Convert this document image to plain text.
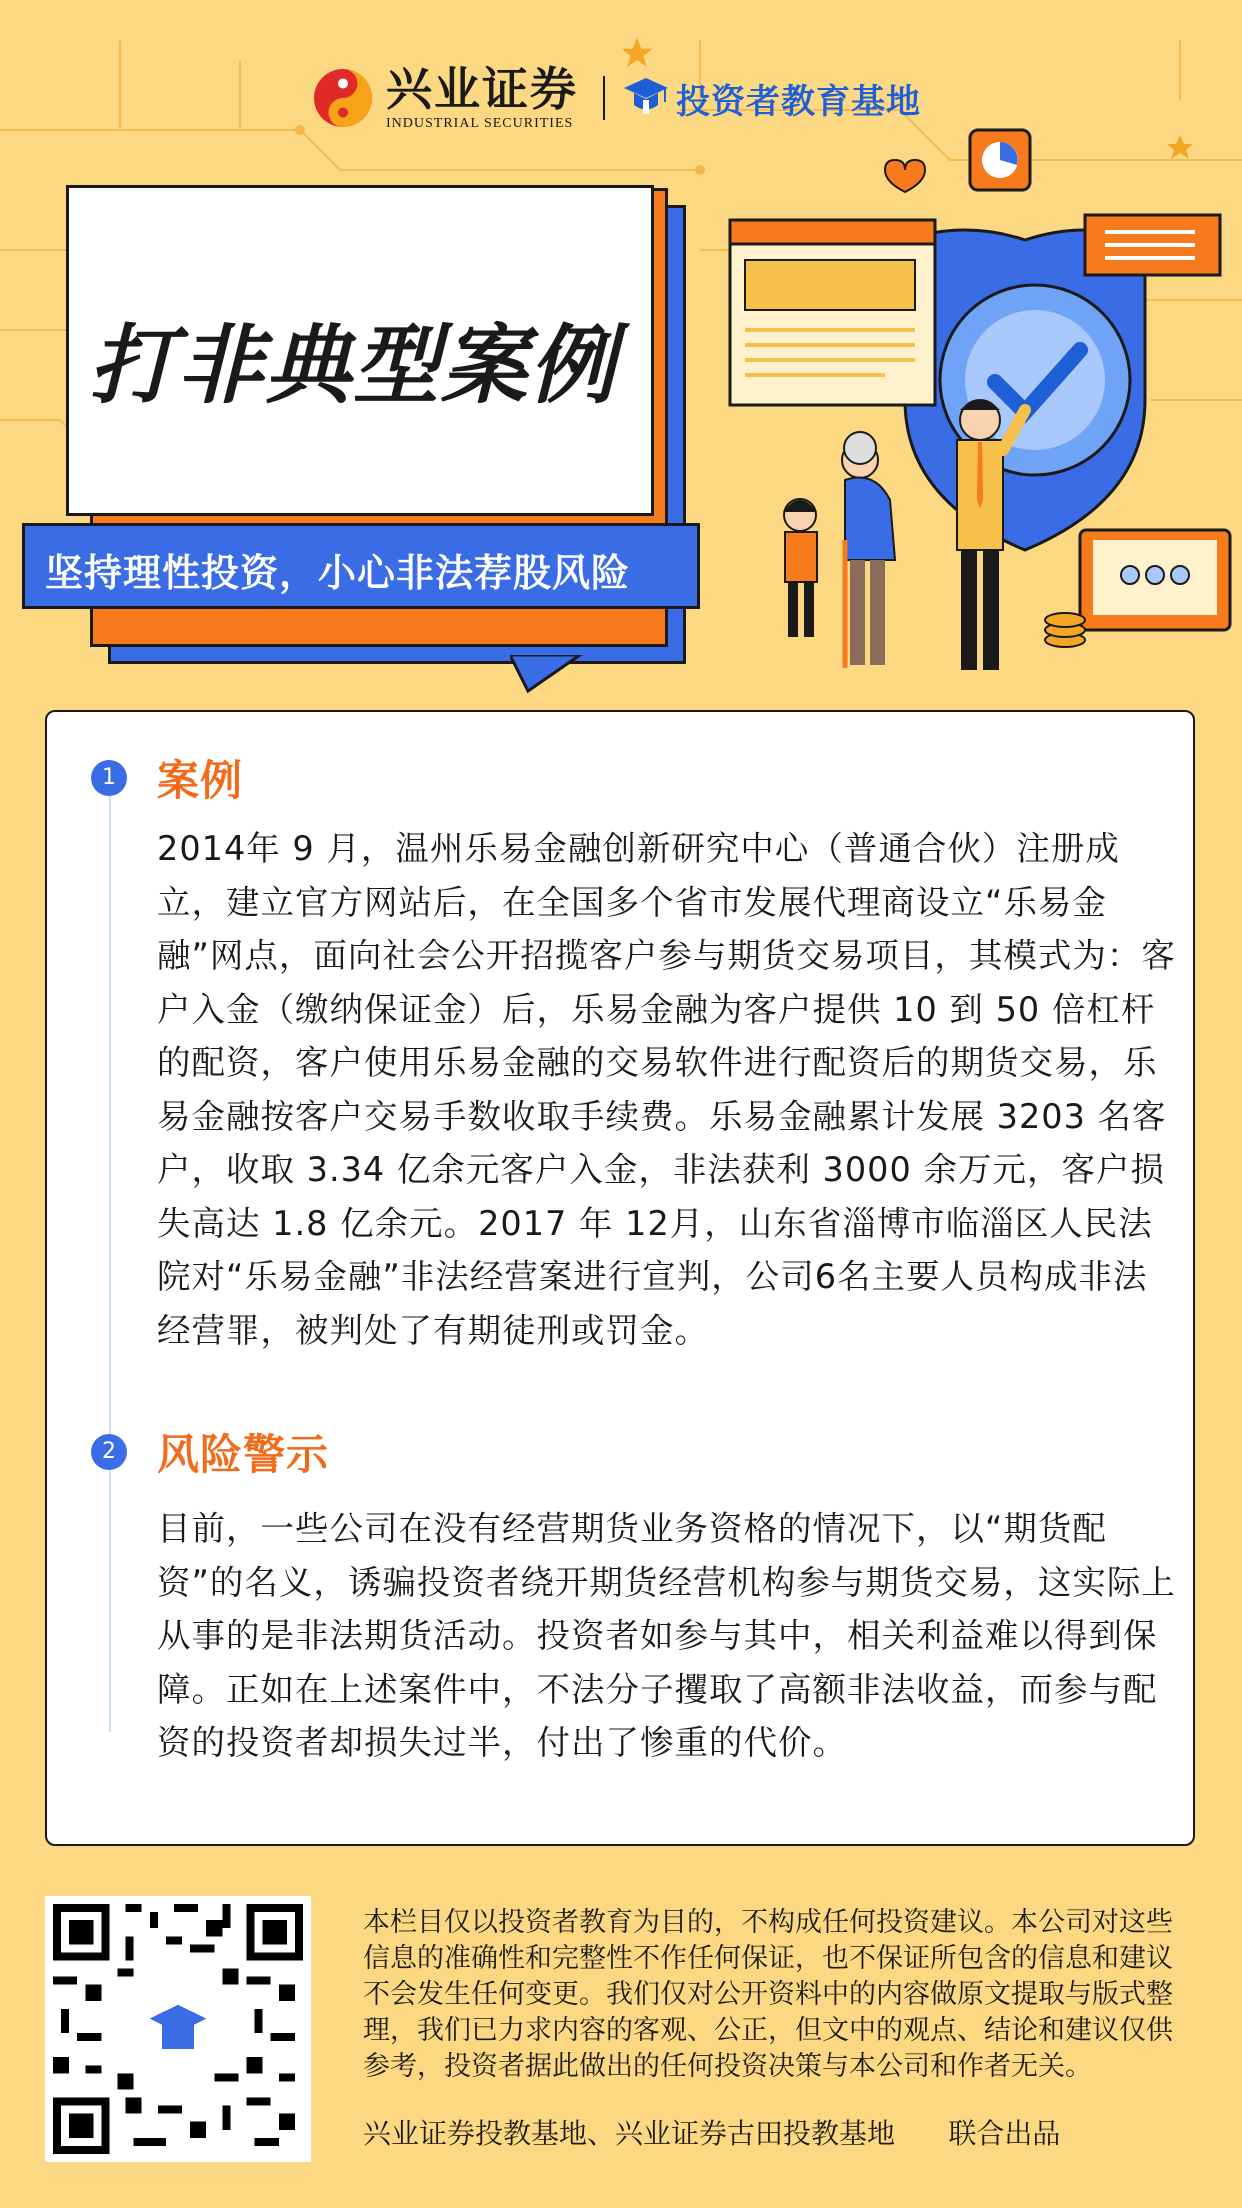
兴业证券
INDUSTRIAL SECURITIES
投资者教育基地
打非典型案例
坚持理性投资，小心非法荐股风险
1 案例
2014年 9 月，温州乐易金融创新研究中心（普通合伙）注册成立，建立官方网站后，在全国多个省市发展代理商设立“乐易金融”网点，面向社会公开招揽客户参与期货交易项目，其模式为：客户入金（缴纳保证金）后，乐易金融为客户提供 10 到 50 倍杠杆的配资，客户使用乐易金融的交易软件进行配资后的期货交易，乐易金融按客户交易手数收取手续费。乐易金融累计发展 3203 名客户，收取 3.34 亿余元客户入金，非法获利 3000 余万元，客户损失高达 1.8 亿余元。2017 年 12月，山东省淄博市临淄区人民法院对“乐易金融”非法经营案进行宣判，公司6名主要人员构成非法经营罪，被判处了有期徒刑或罚金。
2 风险警示
目前，一些公司在没有经营期货业务资格的情况下，以“期货配资”的名义，诱骗投资者绕开期货经营机构参与期货交易，这实际上从事的是非法期货活动。投资者如参与其中，相关利益难以得到保障。正如在上述案件中，不法分子攫取了高额非法收益，而参与配资的投资者却损失过半，付出了惨重的代价。
本栏目仅以投资者教育为目的，不构成任何投资建议。本公司对这些信息的准确性和完整性不作任何保证，也不保证所包含的信息和建议不会发生任何变更。我们仅对公开资料中的内容做原文提取与版式整理，我们已力求内容的客观、公正，但文中的观点、结论和建议仅供参考，投资者据此做出的任何投资决策与本公司和作者无关。
兴业证券投教基地、兴业证券古田投教基地      联合出品
